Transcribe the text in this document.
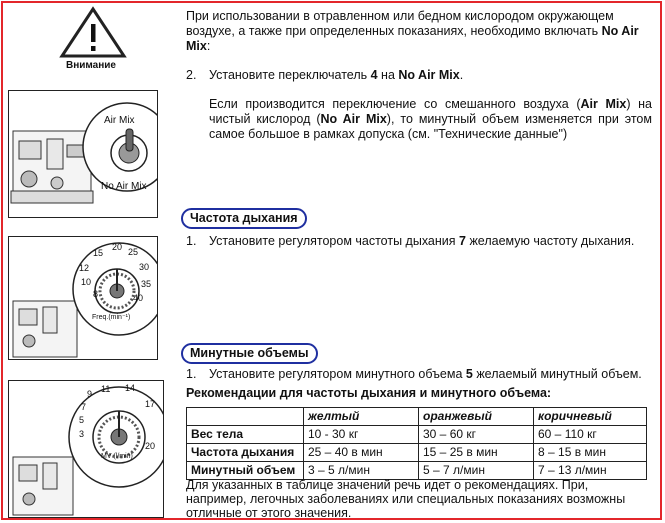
Внимание
При использовании в отравленном или бедном кислородом окружающем воздухе, а также при определенных показаниях, необходимо включать No Air Mix:
2. Установите переключатель 4 на No Air Mix.
Если производится переключение со смешанного воздуха (Air Mix) на чистый кислород (No Air Mix), то минутный объем изменяется при этом самое большое в рамках допуска (см. "Технические данные")
Air Mix
No Air Mix
Частота дыхания
1. Установите регулятором частоты дыхания 7 желаемую частоту дыхания.
Freq.(min⁻¹)
8
10
12
15
20 25
30
35
40
Минутные объемы
1. Установите регулятором минутного объема 5 желаемый минутный объем.
MV (l/min)
3
5
7
9 11 14
17
20
Рекомендации для частоты дыхания и минутного объема:
	желтый	оранжевый	коричневый
Вес тела	10 - 30 кг	30 – 60 кг	60 – 110 кг
Частота дыхания	25 – 40 в мин	15 – 25 в мин	8 – 15 в мин
Минутный объем	3 – 5 л/мин	5 – 7 л/мин	7 – 13 л/мин
Для указанных в таблице значений речь идет о рекомендациях. При, например, легочных заболеваниях или специальных показаниях возможны отличные от этого значения.
